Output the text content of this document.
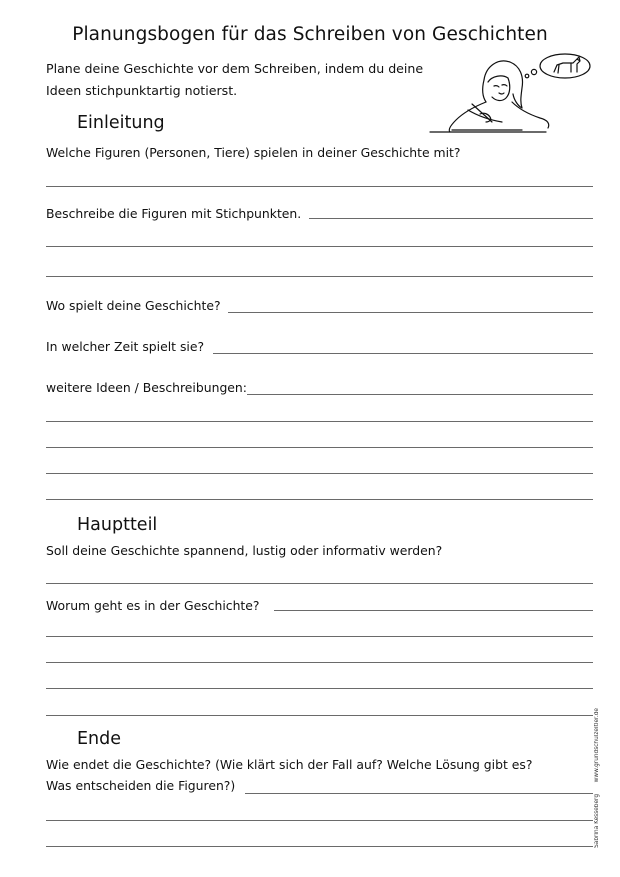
Planungsbogen für das Schreiben von Geschichten
Plane deine Geschichte vor dem Schreiben, indem du deine
Ideen stichpunktartig notierst.
Einleitung
Welche Figuren (Personen, Tiere) spielen in deiner Geschichte mit?
Beschreibe die Figuren mit Stichpunkten.
Wo spielt deine Geschichte?
In welcher Zeit spielt sie?
weitere Ideen / Beschreibungen:
Hauptteil
Soll deine Geschichte spannend, lustig oder informativ werden?
Worum geht es in der Geschichte?
Ende
Wie endet die Geschichte? (Wie klärt sich der Fall auf? Welche Lösung gibt es?
Was entscheiden die Figuren?)
Sabrina Kesseberg
www.grundschulzeitler.de
